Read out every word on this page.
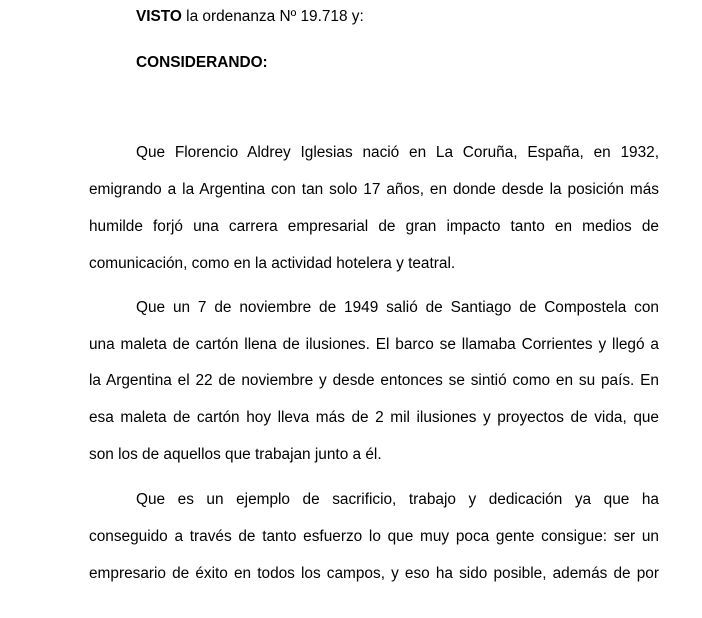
VISTO la ordenanza Nº 19.718 y:
CONSIDERANDO:
Que Florencio Aldrey Iglesias nació en La Coruña, España, en 1932,
emigrando a la Argentina con tan solo 17 años, en donde desde la posición más
humilde forjó una carrera empresarial de gran impacto tanto en medios de
comunicación, como en la actividad hotelera y teatral.
Que un 7 de noviembre de 1949 salió de Santiago de Compostela con
una maleta de cartón llena de ilusiones. El barco se llamaba Corrientes y llegó a
la Argentina el 22 de noviembre y desde entonces se sintió como en su país. En
esa maleta de cartón hoy lleva más de 2 mil ilusiones y proyectos de vida, que
son los de aquellos que trabajan junto a él.
Que es un ejemplo de sacrificio, trabajo y dedicación ya que ha
conseguido a través de tanto esfuerzo lo que muy poca gente consigue: ser un
empresario de éxito en todos los campos, y eso ha sido posible, además de por
